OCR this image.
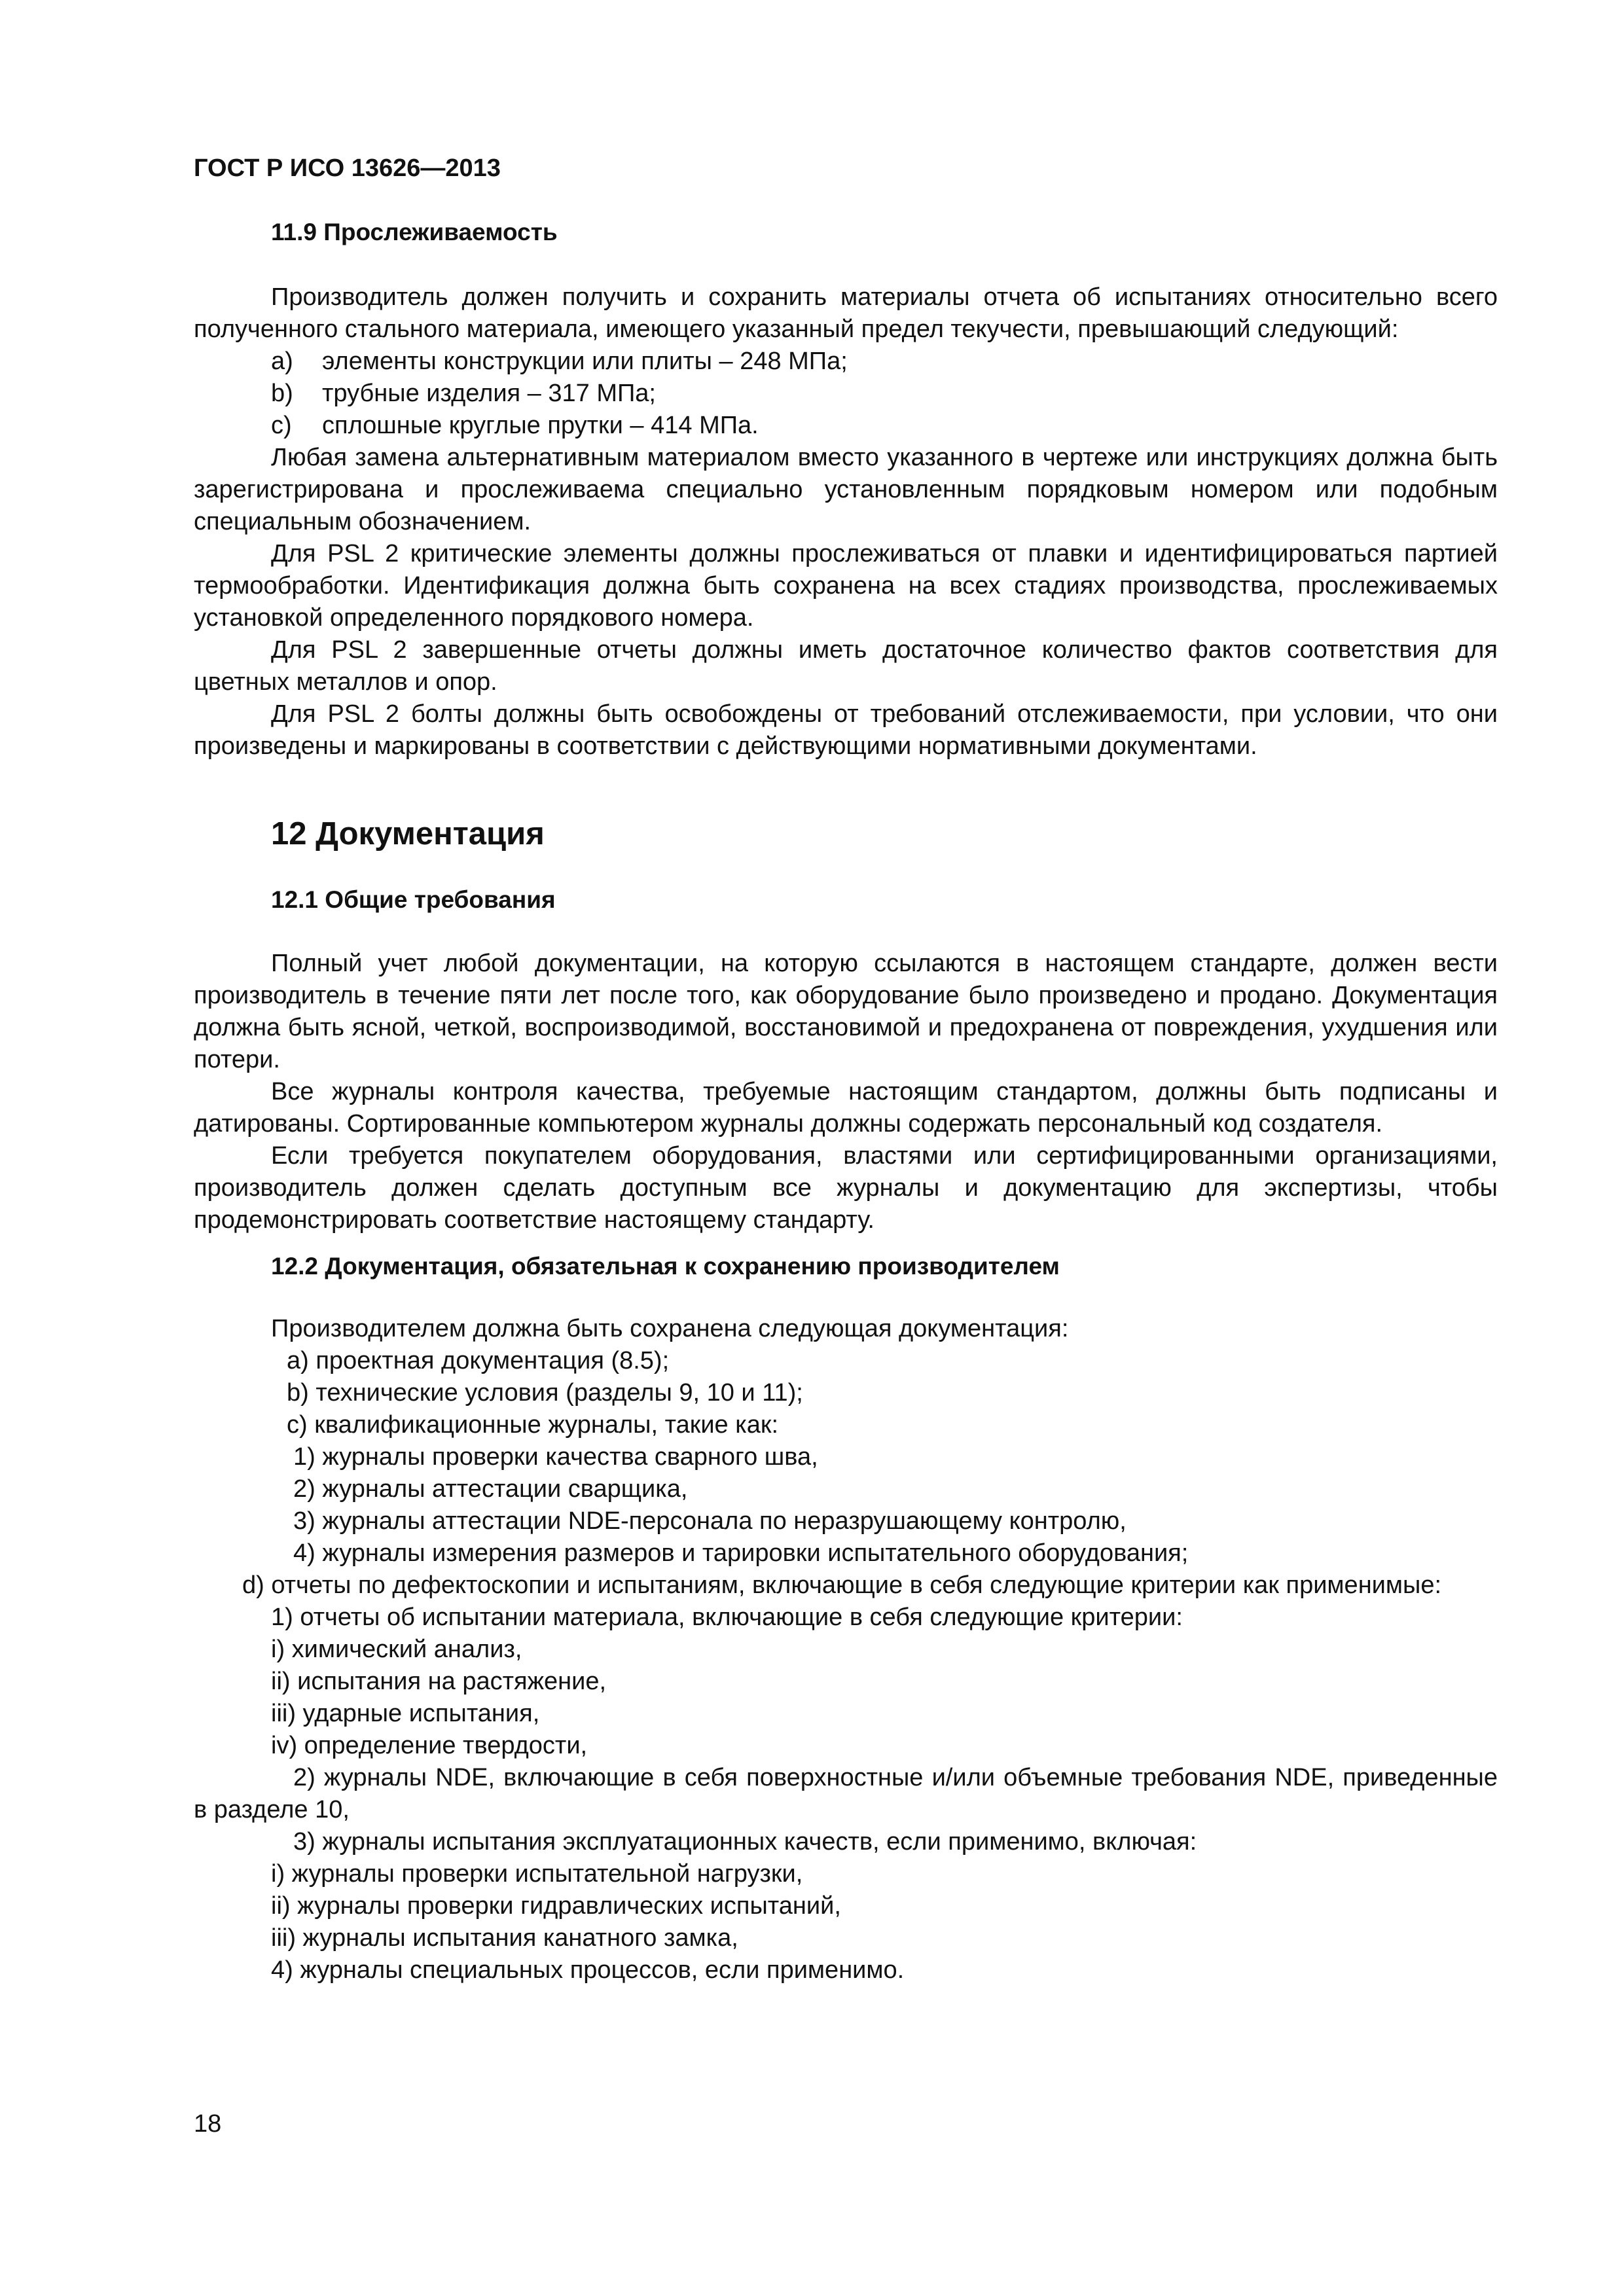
ГОСТ Р ИСО 13626—2013
11.9 Прослеживаемость

Производитель должен получить и сохранить материалы отчета об испытаниях относительно всего полученного стального материала, имеющего указанный предел текучести, превышающий следующий:

a)	элементы конструкции или плиты – 248 МПа;
b)	трубные изделия – 317 МПа;
c)	сплошные круглые прутки – 414 МПа.

Любая замена альтернативным материалом вместо указанного в чертеже или инструкциях должна быть зарегистрирована и прослеживаема специально установленным порядковым номером или подобным специальным обозначением.

Для PSL 2 критические элементы должны прослеживаться от плавки и идентифицироваться партией термообработки. Идентификация должна быть сохранена на всех стадиях производства, прослеживаемых установкой определенного порядкового номера.

Для PSL 2 завершенные отчеты должны иметь достаточное количество фактов соответствия для цветных металлов и опор.

Для PSL 2 болты должны быть освобождены от требований отслеживаемости, при условии, что они произведены и маркированы в соответствии с действующими нормативными документами.

12 Документация
12.1 Общие требования

Полный учет любой документации, на которую ссылаются в настоящем стандарте, должен вести производитель в течение пяти лет после того, как оборудование было произведено и продано. Документация должна быть ясной, четкой, воспроизводимой, восстановимой и предохранена от повреждения, ухудшения или потери.

Все журналы контроля качества, требуемые настоящим стандартом, должны быть подписаны и датированы. Сортированные компьютером журналы должны содержать персональный код создателя.

Если требуется покупателем оборудования, властями или сертифицированными организациями, производитель должен сделать доступным все журналы и документацию для экспертизы, чтобы продемонстрировать соответствие настоящему стандарту.

12.2 Документация, обязательная к сохранению производителем

Производителем должна быть сохранена следующая документация:

a) проектная документация (8.5);
b) технические условия (разделы 9, 10 и 11);
c) квалификационные журналы, такие как:
1) журналы проверки качества сварного шва,
2) журналы аттестации сварщика,
3) журналы аттестации NDE-персонала по неразрушающему контролю,
4) журналы измерения размеров и тарировки испытательного оборудования;

d) отчеты по дефектоскопии и испытаниям, включающие в себя следующие критерии как применимые:

1) отчеты об испытании материала, включающие в себя следующие критерии:
i) химический анализ,
ii) испытания на растяжение,
iii) ударные испытания,
iv) определение твердости,

2) журналы NDE, включающие в себя поверхностные и/или объемные требования NDE, приведенные в разделе 10,

3) журналы испытания эксплуатационных качеств, если применимо, включая:
i) журналы проверки испытательной нагрузки,
ii) журналы проверки гидравлических испытаний,
iii) журналы испытания канатного замка,
4) журналы специальных процессов, если применимо.
18
